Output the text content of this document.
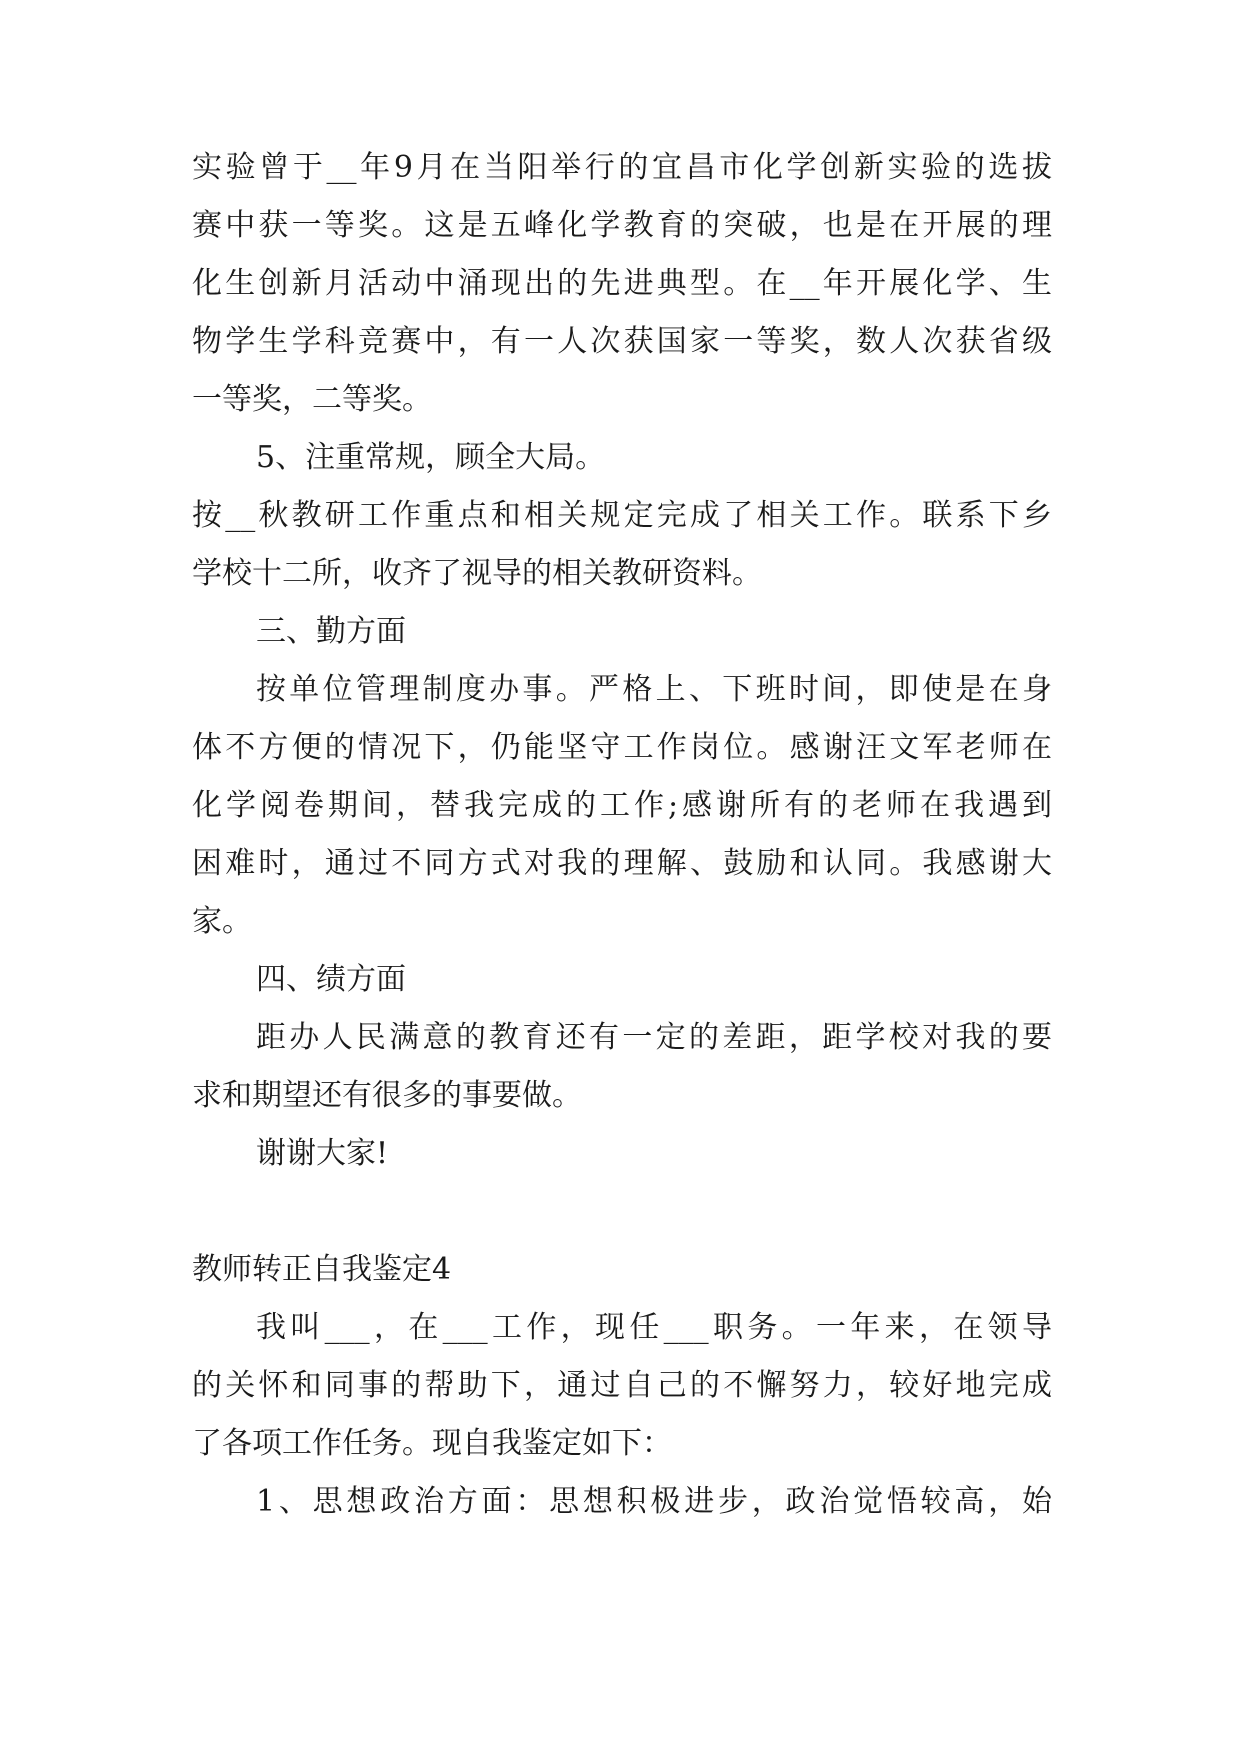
实验曾于__年9月在当阳举行的宜昌市化学创新实验的选拔
赛中获一等奖。这是五峰化学教育的突破，也是在开展的理
化生创新月活动中涌现出的先进典型。在__年开展化学、生
物学生学科竞赛中，有一人次获国家一等奖，数人次获省级
一等奖，二等奖。
5、注重常规，顾全大局。
按__秋教研工作重点和相关规定完成了相关工作。联系下乡
学校十二所，收齐了视导的相关教研资料。
三、勤方面
按单位管理制度办事。严格上、下班时间，即使是在身
体不方便的情况下，仍能坚守工作岗位。感谢汪文军老师在
化学阅卷期间，替我完成的工作;感谢所有的老师在我遇到
困难时，通过不同方式对我的理解、鼓励和认同。我感谢大
家。
四、绩方面
距办人民满意的教育还有一定的差距，距学校对我的要
求和期望还有很多的事要做。
谢谢大家!
教师转正自我鉴定4
我叫___，在___工作，现任___职务。一年来，在领导
的关怀和同事的帮助下，通过自己的不懈努力，较好地完成
了各项工作任务。现自我鉴定如下：
1、思想政治方面：思想积极进步，政治觉悟较高，始
